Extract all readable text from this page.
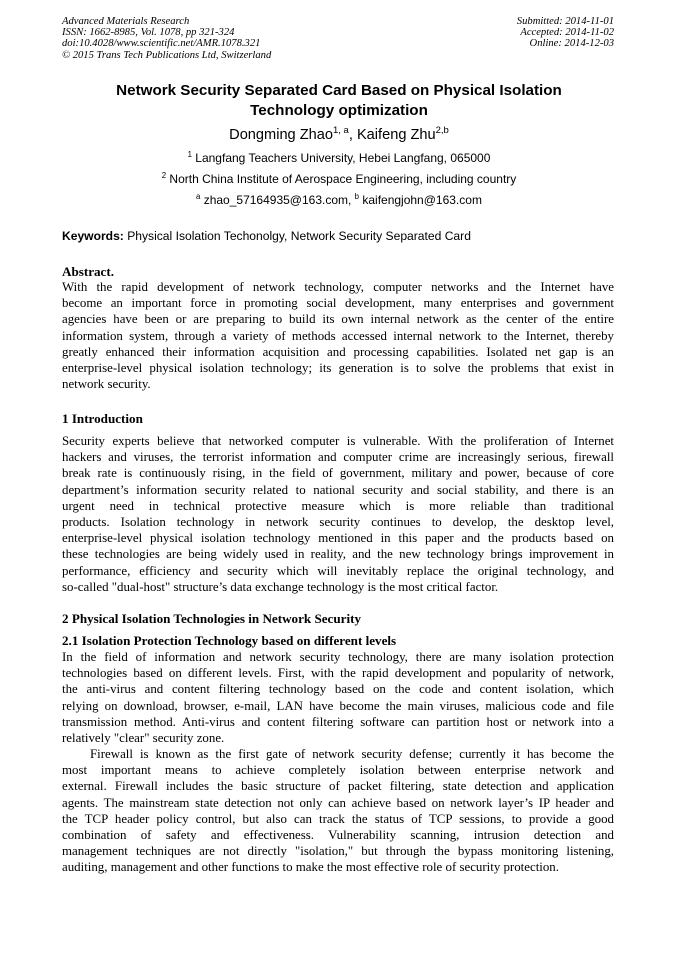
Advanced Materials Research
ISSN: 1662-8985, Vol. 1078, pp 321-324
doi:10.4028/www.scientific.net/AMR.1078.321
© 2015 Trans Tech Publications Ltd, Switzerland
Submitted: 2014-11-01
Accepted: 2014-11-02
Online: 2014-12-03
Network Security Separated Card Based on Physical Isolation
Technology optimization
Dongming Zhao$^{1, a}$, Kaifeng Zhu$^{2,b}$
$^1$ Langfang Teachers University, Hebei Langfang, 065000
$^2$ North China Institute of Aerospace Engineering, including country
$^a$ zhao_57164935@163.com, $^b$ kaifengjohn@163.com
Keywords: Physical Isolation Techonolgy, Network Security Separated Card
Abstract.
With the rapid development of network technology, computer networks and the Internet have
become an important force in promoting social development, many enterprises and government
agencies have been or are preparing to build its own internal network as the center of the entire
information system, through a variety of methods accessed internal network to the Internet, thereby
greatly enhanced their information acquisition and processing capabilities. Isolated net gap is an
enterprise-level physical isolation technology; its generation is to solve the problems that exist in
network security.
1 Introduction
Security experts believe that networked computer is vulnerable. With the proliferation of Internet
hackers and viruses, the terrorist information and computer crime are increasingly serious, firewall
break rate is continuously rising, in the field of government, military and power, because of core
department’s information security related to national security and social stability, and there is an
urgent need in technical protective measure which is more reliable than traditional
products. Isolation technology in network security continues to develop, the desktop level,
enterprise-level physical isolation technology mentioned in this paper and the products based on
these technologies are being widely used in reality, and the new technology brings improvement in
performance, efficiency and security which will inevitably replace the original technology, and
so-called "dual-host" structure’s data exchange technology is the most critical factor.
2 Physical Isolation Technologies in Network Security
2.1 Isolation Protection Technology based on different levels
In the field of information and network security technology, there are many isolation protection
technologies based on different levels. First, with the rapid development and popularity of network,
the anti-virus and content filtering technology based on the code and content isolation, which
relying on download, browser, e-mail, LAN have become the main viruses, malicious code and file
transmission method. Anti-virus and content filtering software can partition host or network into a
relatively "clear" security zone.
Firewall is known as the first gate of network security defense; currently it has become the
most important means to achieve completely isolation between enterprise network and
external. Firewall includes the basic structure of packet filtering, state detection and application
agents. The mainstream state detection not only can achieve based on network layer’s IP header and
the TCP header policy control, but also can track the status of TCP sessions, to provide a good
combination of safety and effectiveness. Vulnerability scanning, intrusion detection and
management techniques are not directly "isolation," but through the bypass monitoring listening,
auditing, management and other functions to make the most effective role of security protection.
